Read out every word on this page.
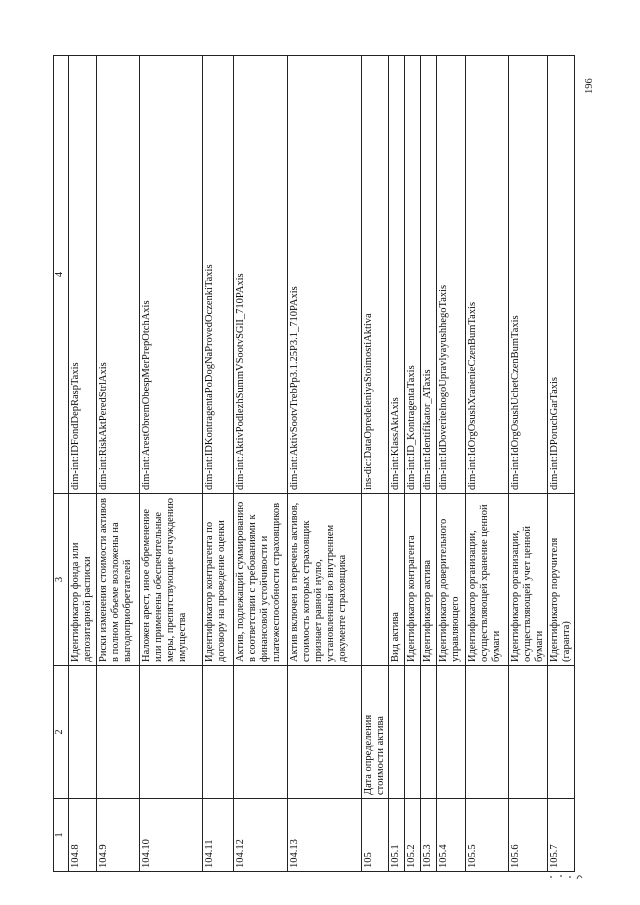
1	2	3	4
104.8		Идентификатор фонда или депозитарной расписки	dim-int:IDFondDepRaspTaxis
104.9		Риски изменения стоимости активов в полном объеме возложены на выгодоприобретателей	dim-int:RiskAktPeredStrlAxis
104.10		Наложен арест, иное обременение или применены обеспечительные меры, препятствующие отчуждению имущества	dim-int:ArestObremObespMerPrepOtchAxis
104.11		Идентификатор контрагента по договору на проведение оценки	dim-int:IDKontragentaPoDogNaProvedOczenkiTaxis
104.12		Актив, подлежащий суммированию в соответствии с требованиями к финансовой устойчивости и платежеспособности страховщиков	dim-int:AktivPodlezhSummVSootvSGlI_710PAxis
104.13		Актив включен в перечень активов, стоимость которых страховщик признает равной нулю, установленный во внутреннем документе страховщика	dim-int:AktivSootvTrebPp3.1.25P3.1_710PAxis
105	Дата определения стоимости актива		ins-dic:DataOpredeleniyaStoimostiAktiva
105.1		Вид актива	dim-int:KlassAktAxis
105.2		Идентификатор контрагента	dim-int:ID_KontragentaTaxis
105.3		Идентификатор актива	dim-int:Identifikator_ATaxis
105.4		Идентификатор доверительного управляющего	dim-int:IdDoveritelnogoUpravlyayushhegoTaxis
105.5		Идентификатор организации, осуществляющей хранение ценной бумаги	dim-int:IdOrgOsushXranenieCzenBumTaxis
105.6		Идентификатор организации, осуществляющей учет ценной бумаги	dim-int:IdOrgOsushUchetCzenBumTaxis
105.7		Идентификатор поручителя (гаранта)	dim-int:IDPoruchGarTaxis
196
